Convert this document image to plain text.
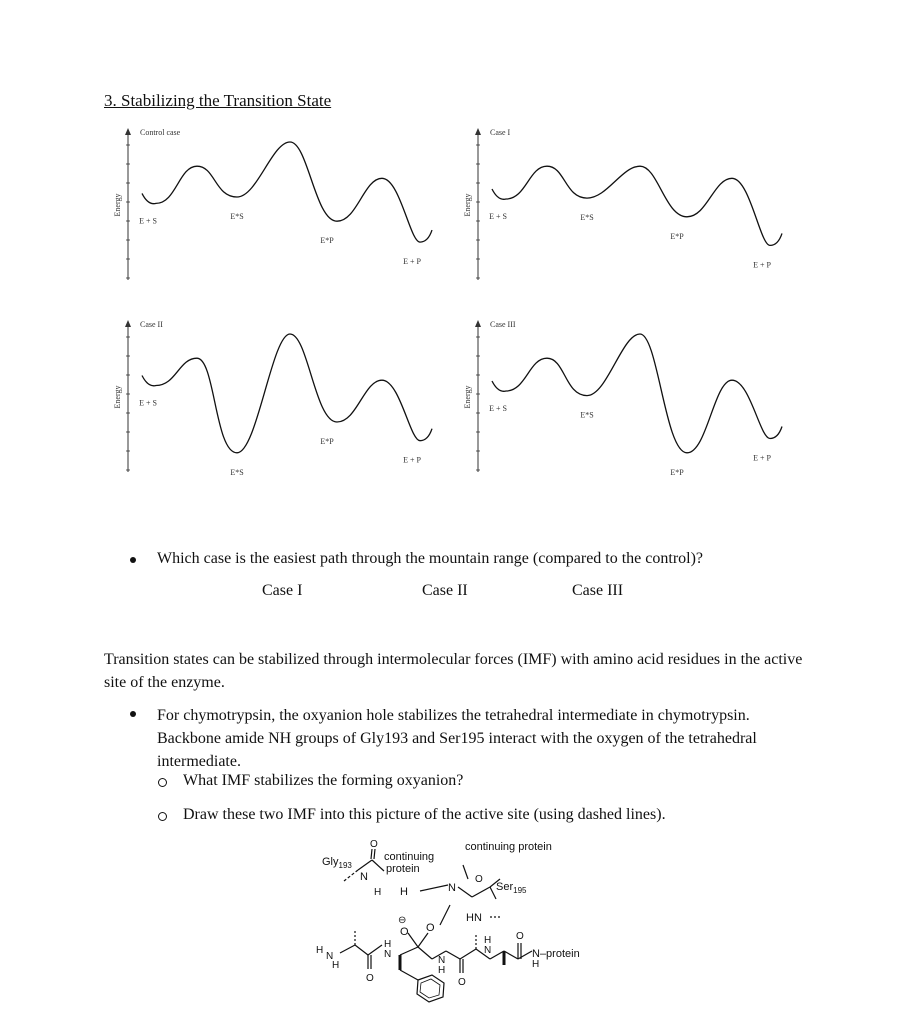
3. Stabilizing the Transition State
Control case
Energy
E + S	E*S
E*P
E + P
Case I
Energy
E + S	E*S
E*P
E + P
Case II
Energy E + S
E*S
E*P
E + P
Case III
Energy
E + S
E*S
E*P
E + P
Which case is the easiest path through the mountain range (compared to the control)?
Case I	Case II	Case III
Transition states can be stabilized through intermolecular forces (IMF) with amino acid residues in the active site of the enzyme.
For chymotrypsin, the oxyanion hole stabilizes the tetrahedral intermediate in chymotrypsin. Backbone amide NH groups of Gly193 and Ser195 interact with the oxygen of the tetrahedral intermediate.
What IMF stabilizes the forming oxyanion?
Draw these two IMF into this picture of the active site (using dashed lines).
Gly$_{193}$
O
continuing
protein
N
H H	N
continuing protein
O
Ser$_{195}$
HN
⊖
O O
H
N
H
O
H
N
N
H
O
H
N
O
N–protein
H
